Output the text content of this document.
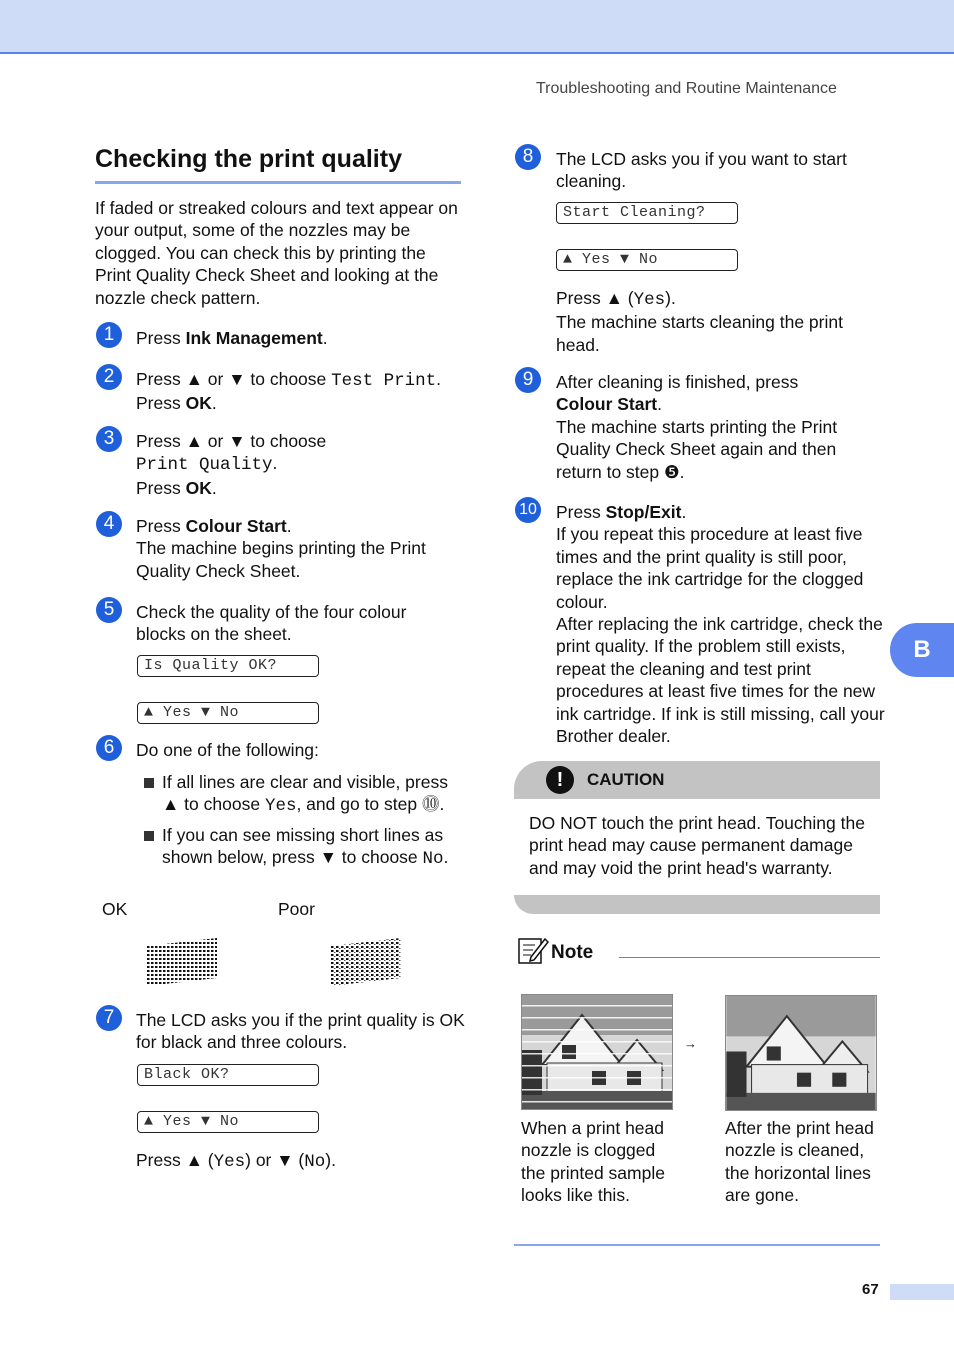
Troubleshooting and Routine Maintenance
Checking the print quality
If faded or streaked colours and text appear on your output, some of the nozzles may be clogged. You can check this by printing the Print Quality Check Sheet and looking at the nozzle check pattern.
1	Press Ink Management.
2	Press ▲ or ▼ to choose Test Print.
Press OK.
3	Press ▲ or ▼ to choose
Print Quality.
Press OK.
4	Press Colour Start.
The machine begins printing the Print Quality Check Sheet.
5	Check the quality of the four colour blocks on the sheet.
Is Quality OK?
▲ Yes ▼ No
6	Do one of the following:
If all lines are clear and visible, press
▲ to choose Yes, and go to step ⓾.
If you can see missing short lines as
shown below, press ▼ to choose No.
OK	Poor
7	The LCD asks you if the print quality is OK for black and three colours.
Black OK?
▲ Yes ▼ No
Press ▲ (Yes) or ▼ (No).
8	The LCD asks you if you want to start cleaning.
Start Cleaning?
▲ Yes ▼ No
Press ▲ (Yes).
The machine starts cleaning the print head.
9	After cleaning is finished, press
Colour Start.
The machine starts printing the Print Quality Check Sheet again and then
return to step ❺.
10 Press Stop/Exit.
If you repeat this procedure at least five times and the print quality is still poor, replace the ink cartridge for the clogged colour.
After replacing the ink cartridge, check the print quality. If the problem still exists, repeat the cleaning and test print procedures at least five times for the new ink cartridge. If ink is still missing, call your Brother dealer.
B
!	CAUTION
DO NOT touch the print head. Touching the print head may cause permanent damage and may void the print head's warranty.
Note
→
When a print head nozzle is clogged the printed sample looks like this.
After the print head nozzle is cleaned, the horizontal lines are gone.
67
